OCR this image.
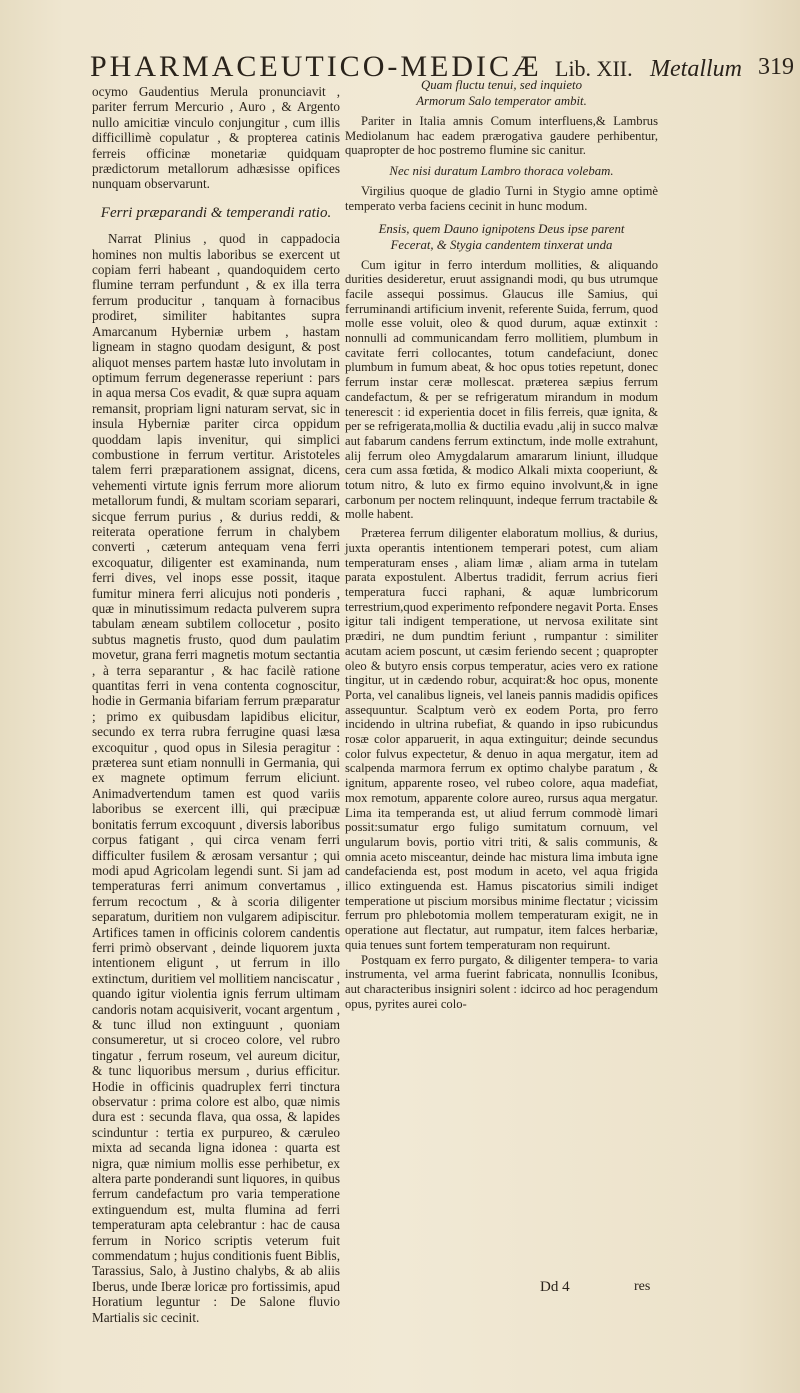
PHARMACEUTICO-MEDICÆ Lib. XII. Metallum 319

ocymo Gaudentius Merula pronunciavit , pariter ferrum Mercurio , Auro , & Argento nullo amicitiæ vinculo conjungitur , cum illis difficillimè copulatur , & propterea catinis ferreis officinæ monetariæ quidquam prædictorum metallorum adhæsisse opifices nunquam observarunt.

Ferri præparandi & temperandi ratio.

Narrat Plinius , quod in cappadocia homines non multis laboribus se exercent ut copiam ferri habeant , quandoquidem certo flumine terram perfundunt , & ex illa terra ferrum producitur , tanquam à fornacibus prodiret, similiter habitantes supra Amarcanum Hyberniæ urbem , hastam ligneam in stagno quodam desigunt, & post aliquot menses partem hastæ luto involutam in optimum ferrum degenerasse reperiunt : pars in aqua mersa Cos evadit, & quæ supra aquam remansit, propriam ligni naturam servat, sic in insula Hyberniæ pariter circa oppidum quoddam lapis invenitur, qui simplici combustione in ferrum vertitur. Aristoteles talem ferri præparationem assignat, dicens, vehementi virtute ignis ferrum more aliorum metallorum fundi, & multam scoriam separari, sicque ferrum purius , & durius reddi, & reiterata operatione ferrum in chalybem converti , cæterum antequam vena ferri excoquatur, diligenter est examinanda, num ferri dives, vel inops esse possit, itaque fumitur minera ferri alicujus noti ponderis , quæ in minutissimum redacta pulverem supra tabulam æneam subtilem collocetur , posito subtus magnetis frusto, quod dum paulatim movetur, grana ferri magnetis motum sectantia , à terra separantur , & hac facilè ratione quantitas ferri in vena contenta cognoscitur, hodie in Germania bifariam ferrum præparatur ; primo ex quibusdam lapidibus elicitur, secundo ex terra rubra ferrugine quasi læsa excoquitur , quod opus in Silesia peragitur : præterea sunt etiam nonnulli in Germania, qui ex magnete optimum ferrum eliciunt. Animadvertendum tamen est quod variis laboribus se exercent illi, qui præcipuæ bonitatis ferrum excoquunt , diversis laboribus corpus fatigant , qui circa venam ferri difficulter fusilem & ærosam versantur ; qui modi apud Agricolam legendi sunt. Si jam ad temperaturas ferri animum convertamus , ferrum recoctum , & à scoria diligenter separatum, duritiem non vulgarem adipiscitur. Artifices tamen in officinis colorem candentis ferri primò observant , deinde liquorem juxta intentionem eligunt , ut ferrum in illo extinctum, duritiem vel mollitiem nanciscatur , quando igitur violentia ignis ferrum ultimam candoris notam acquisiverit, vocant argentum , & tunc illud non extinguunt , quoniam consumeretur, ut si croceo colore, vel rubro tingatur , ferrum roseum, vel aureum dicitur, & tunc liquoribus mersum , durius efficitur. Hodie in officinis quadruplex ferri tinctura observatur : prima colore est albo, quæ nimis dura est : secunda flava, qua ossa, & lapides scinduntur : tertia ex purpureo, & cæruleo mixta ad secanda ligna idonea : quarta est nigra, quæ nimium mollis esse perhibetur, ex altera parte ponderandi sunt liquores, in quibus ferrum candefactum pro varia temperatione extinguendum est, multa flumina ad ferri temperaturam apta celebrantur : hac de causa ferrum in Norico scriptis veterum fuit commendatum ; hujus conditionis fuent Biblis, Tarassius, Salo, à Justino chalybs, & ab aliis Iberus, unde Iberæ loricæ pro fortissimis, apud Horatium leguntur : De Salone fluvio Martialis sic cecinit.

Quam fluctu tenui, sed inquieto
Armorum Salo temperator ambit.

Pariter in Italia amnis Comum interfluens,& Lambrus Mediolanum hac eadem prærogativa gaudere perhibentur, quapropter de hoc postremo flumine sic canitur.

Nec nisi duratum Lambro thoraca volebam.

Virgilius quoque de gladio Turni in Stygio amne optimè temperato verba faciens cecinit in hunc modum.

Ensis, quem Dauno ignipotens Deus ipse parent
Fecerat, & Stygia candentem tinxerat unda

Cum igitur in ferro interdum mollities, & aliquando durities desideretur, eruut assignandi modi, qu bus utrumque facile assequi possimus. Glaucus ille Samius, qui ferruminandi artificium invenit, referente Suida, ferrum, quod molle esse voluit, oleo & quod durum, aquæ extinxit : nonnulli ad communicandam ferro mollitiem, plumbum in cavitate ferri collocantes, totum candefaciunt, donec plumbum in fumum abeat, & hoc opus toties repetunt, donec ferrum instar ceræ mollescat. præterea sæpius ferrum candefactum, & per se refrigeratum mirandum in modum tenerescit : id experientia docet in filis ferreis, quæ ignita, & per se refrigerata,mollia & ductilia evadu ,alij in succo malvæ aut fabarum candens ferrum extinctum, inde molle extrahunt, alij ferrum oleo Amygdalarum amararum liniunt, illudque cera cum assa fœtida, & modico Alkali mixta cooperiunt, & totum nitro, & luto ex firmo equino involvunt,& in igne carbonum per noctem relinquunt, indeque ferrum tractabile & molle habent.

Præterea ferrum diligenter elaboratum mollius, & durius, juxta operantis intentionem temperari potest, cum aliam temperaturam enses , aliam limæ , aliam arma in tutelam parata expostulent. Albertus tradidit, ferrum acrius fieri temperatura fucci raphani, & aquæ lumbricorum terrestrium,quod experimento refpondere negavit Porta. Enses igitur tali indigent temperatione, ut nervosa exilitate sint prædiri, ne dum pundtim feriunt , rumpantur : similiter acutam aciem poscunt, ut cæsim feriendo secent ; quapropter oleo & butyro ensis corpus temperatur, acies vero ex ratione tingitur, ut in cædendo robur, acquirat:& hoc opus, monente Porta, vel canalibus ligneis, vel laneis pannis madidis opifices assequuntur. Scalptum verò ex eodem Porta, pro ferro incidendo in ultrina rubefiat, & quando in ipso rubicundus rosæ color apparuerit, in aqua extinguitur; deinde secundus color fulvus expectetur, & denuo in aqua mergatur, item ad scalpenda marmora ferrum ex optimo chalybe paratum , & ignitum, apparente roseo, vel rubeo colore, aqua madefiat, mox remotum, apparente colore aureo, rursus aqua mergatur. Lima ita temperanda est, ut aliud ferrum commodè limari possit:sumatur ergo fuligo sumitatum cornuum, vel ungularum bovis, portio vitri triti, & salis communis, & omnia aceto misceantur, deinde hac mistura lima imbuta igne candefacienda est, post modum in aceto, vel aqua frigida illico extinguenda est. Hamus piscatorius simili indiget temperatione ut piscium morsibus minime flectatur ; vicissim ferrum pro phlebotomia mollem temperaturam exigit, ne in operatione aut flectatur, aut rumpatur, item falces herbariæ, quia tenues sunt fortem temperaturam non requirunt.

Postquam ex ferro purgato, & diligenter tempera- to varia instrumenta, vel arma fuerint fabricata, nonnullis Iconibus, aut characteribus insigniri solent : idcirco ad hoc peragendum opus, pyrites aurei colo-

Dd 4	res
